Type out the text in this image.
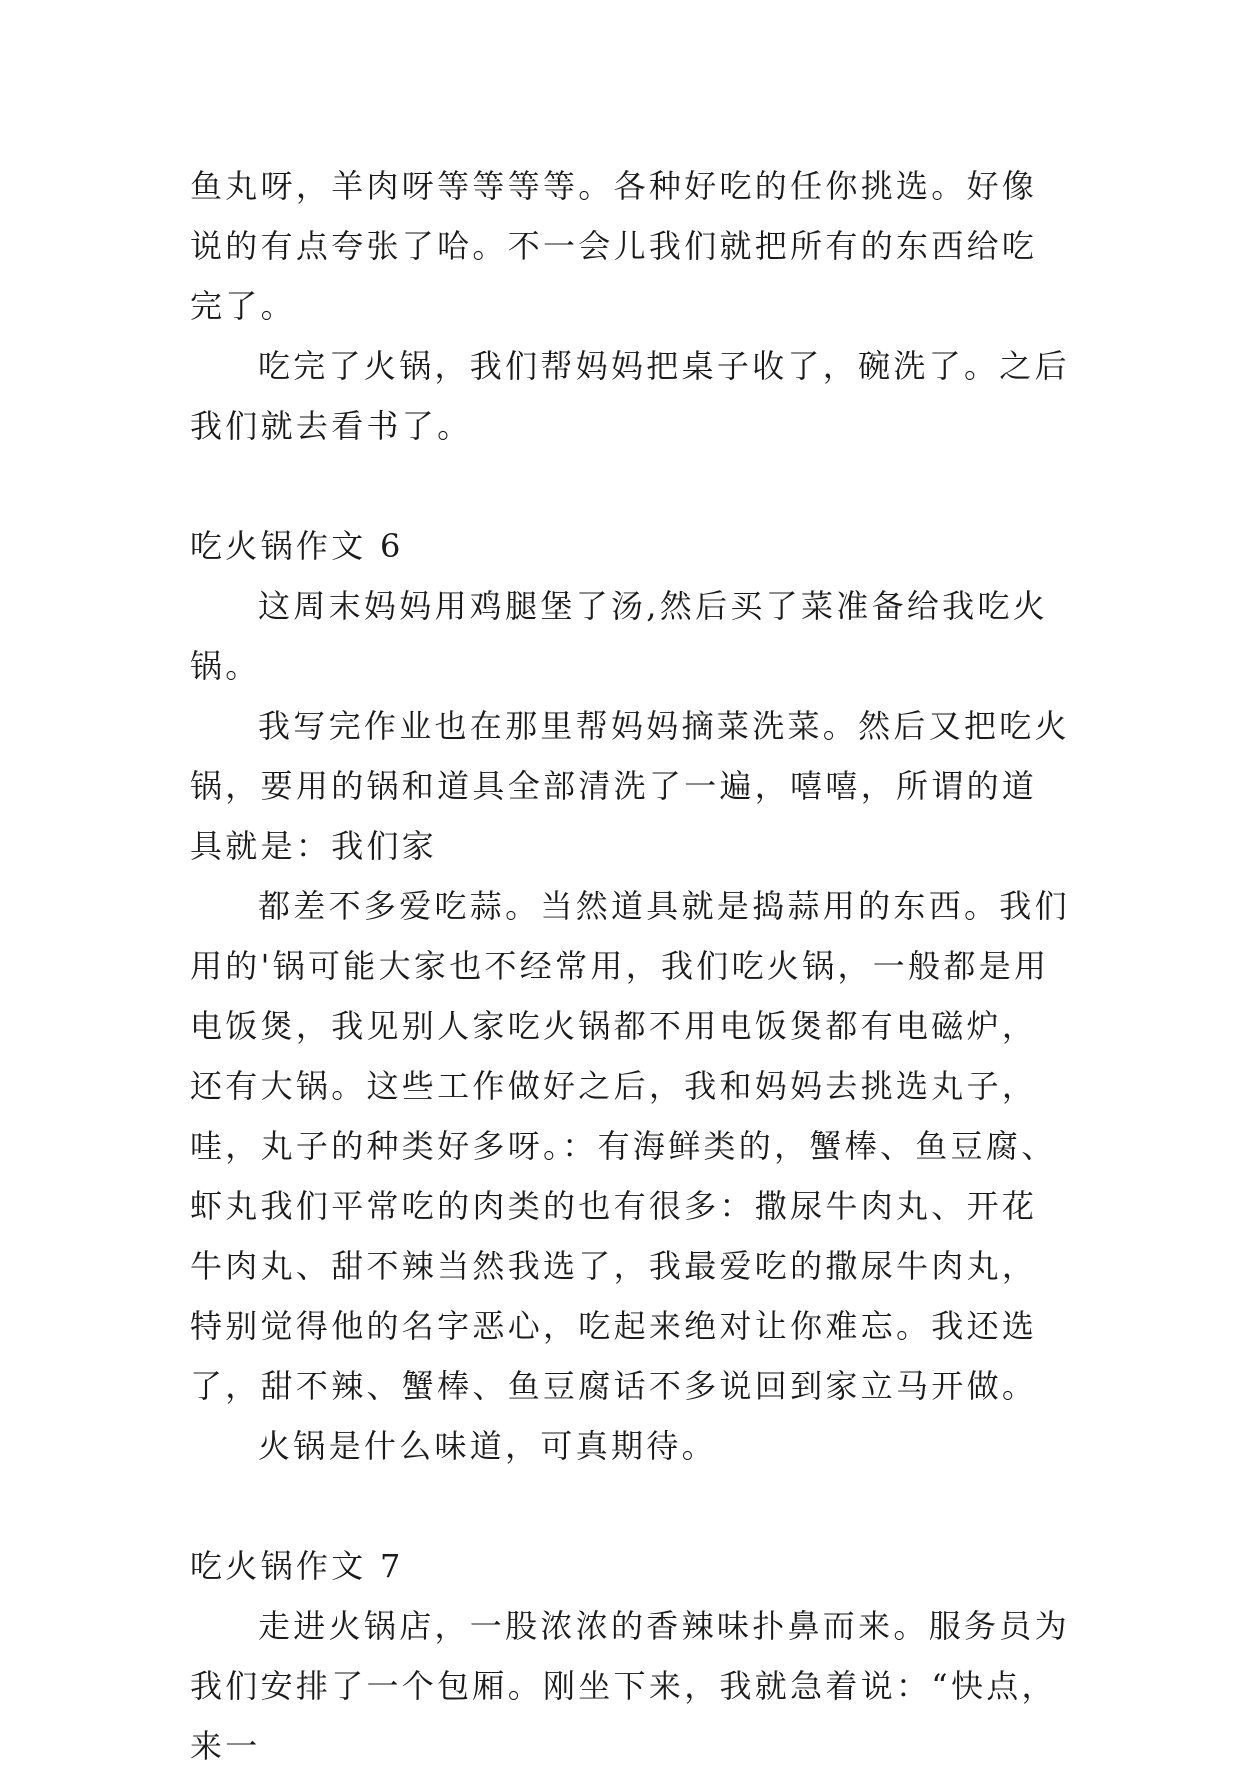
鱼丸呀，羊肉呀等等等等。各种好吃的任你挑选。好像说的有点夸张了哈。不一会儿我们就把所有的东西给吃完了。

吃完了火锅，我们帮妈妈把桌子收了，碗洗了。之后我们就去看书了。

吃火锅作文 6

这周末妈妈用鸡腿堡了汤,然后买了菜准备给我吃火锅。

我写完作业也在那里帮妈妈摘菜洗菜。然后又把吃火锅，要用的锅和道具全部清洗了一遍，嘻嘻，所谓的道具就是：我们家

都差不多爱吃蒜。当然道具就是捣蒜用的东西。我们用的'锅可能大家也不经常用，我们吃火锅，一般都是用电饭煲，我见别人家吃火锅都不用电饭煲都有电磁炉，还有大锅。这些工作做好之后，我和妈妈去挑选丸子，哇，丸子的种类好多呀。：有海鲜类的，蟹棒、鱼豆腐、虾丸我们平常吃的肉类的也有很多：撒尿牛肉丸、开花牛肉丸、甜不辣当然我选了，我最爱吃的撒尿牛肉丸，特别觉得他的名字恶心，吃起来绝对让你难忘。我还选了，甜不辣、蟹棒、鱼豆腐话不多说回到家立马开做。

火锅是什么味道，可真期待。

吃火锅作文 7

走进火锅店，一股浓浓的香辣味扑鼻而来。服务员为我们安排了一个包厢。刚坐下来，我就急着说：“快点，来一
